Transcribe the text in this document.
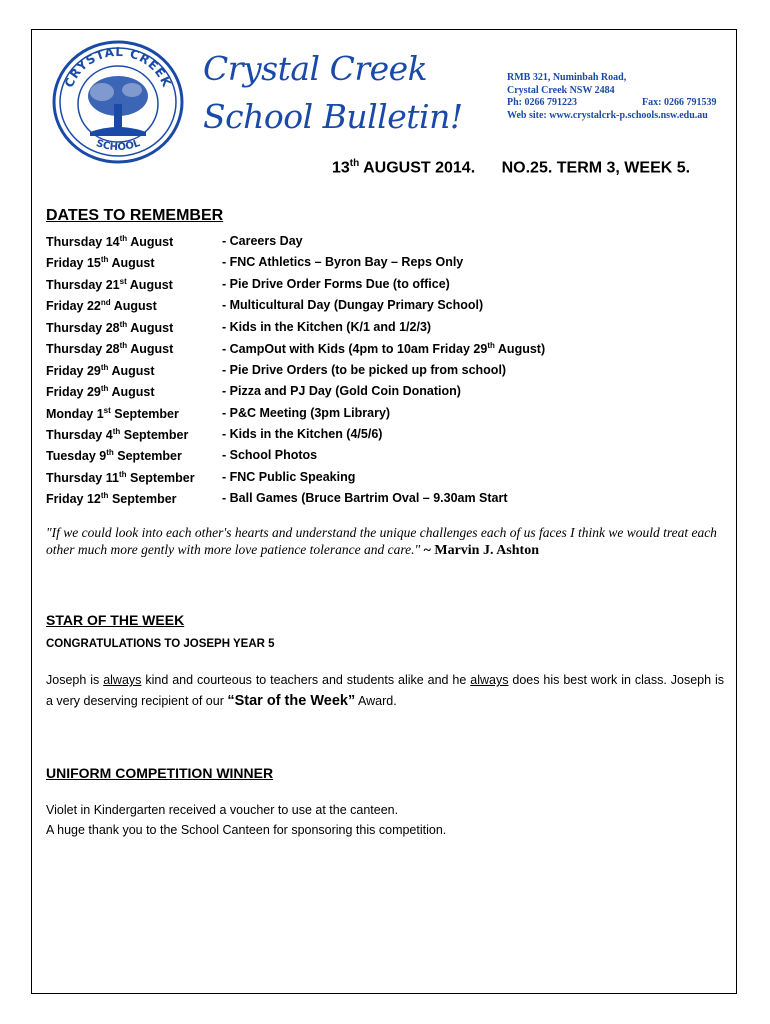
CRYSTAL CREEK
SCHOOL
Crystal Creek
School Bulletin!
RMB 321, Numinbah Road,
Crystal Creek NSW 2484
Ph: 0266 791223	Fax: 0266 791539
Web site: www.crystalcrk-p.schools.nsw.edu.au
13th AUGUST 2014. NO.25. TERM 3, WEEK 5.
DATES TO REMEMBER
Thursday 14th August	- Careers Day
Friday 15th August	- FNC Athletics – Byron Bay – Reps Only
Thursday 21st August	- Pie Drive Order Forms Due (to office)
Friday 22nd August	- Multicultural Day (Dungay Primary School)
Thursday 28th August	- Kids in the Kitchen (K/1 and 1/2/3)
Thursday 28th August	- CampOut with Kids (4pm to 10am Friday 29th August)
Friday 29th August	- Pie Drive Orders (to be picked up from school)
Friday 29th August	- Pizza and PJ Day (Gold Coin Donation)
Monday 1st September	- P&C Meeting (3pm Library)
Thursday 4th September	- Kids in the Kitchen (4/5/6)
Tuesday 9th September	- School Photos
Thursday 11th September - FNC Public Speaking
Friday 12th September	- Ball Games (Bruce Bartrim Oval – 9.30am Start
"If we could look into each other's hearts and understand the unique challenges each of us faces I think we would treat each other much more gently with more love patience tolerance and care." ~ Marvin J. Ashton
STAR OF THE WEEK
CONGRATULATIONS TO JOSEPH YEAR 5
Joseph is always kind and courteous to teachers and students alike and he always does his best work in class. Joseph is a very deserving recipient of our “Star of the Week” Award.
UNIFORM COMPETITION WINNER
Violet in Kindergarten received a voucher to use at the canteen.
A huge thank you to the School Canteen for sponsoring this competition.
